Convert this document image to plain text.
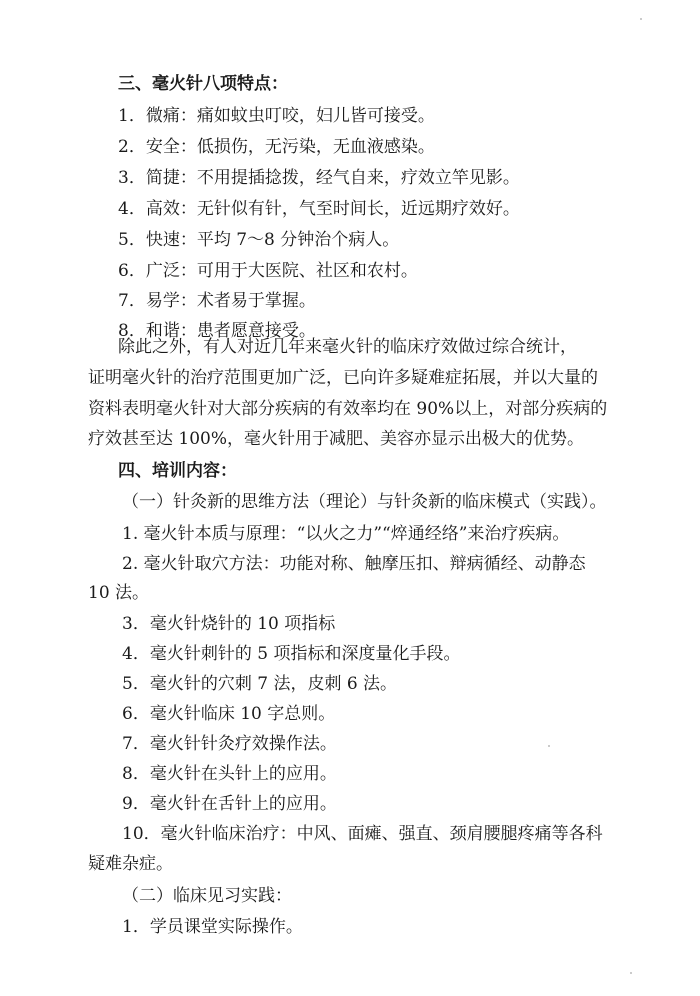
三、毫火针八项特点：
1．微痛：痛如蚊虫叮咬，妇儿皆可接受。
2．安全：低损伤，无污染，无血液感染。
3．简捷：不用提插捻拨，经气自来，疗效立竿见影。
4．高效：无针似有针，气至时间长，近远期疗效好。
5．快速：平均 7～8 分钟治个病人。
6．广泛：可用于大医院、社区和农村。
7．易学：术者易于掌握。
8．和谐：患者愿意接受。
除此之外，有人对近几年来毫火针的临床疗效做过综合统计，
证明毫火针的治疗范围更加广泛，已向许多疑难症拓展，并以大量的
资料表明毫火针对大部分疾病的有效率均在 90%以上，对部分疾病的
疗效甚至达 100%，毫火针用于减肥、美容亦显示出极大的优势。
四、培训内容：
（一）针灸新的思维方法（理论）与针灸新的临床模式（实践）。
1. 毫火针本质与原理：“以火之力”“焠通经络”来治疗疾病。
2. 毫火针取穴方法：功能对称、触摩压扣、辩病循经、动静态
10 法。
3．毫火针烧针的 10 项指标
4．毫火针刺针的 5 项指标和深度量化手段。
5．毫火针的穴刺 7 法，皮刺 6 法。
6．毫火针临床 10 字总则。
7．毫火针针灸疗效操作法。
8．毫火针在头针上的应用。
9．毫火针在舌针上的应用。
10．毫火针临床治疗：中风、面瘫、强直、颈肩腰腿疼痛等各科
疑难杂症。
（二）临床见习实践：
1．学员课堂实际操作。
